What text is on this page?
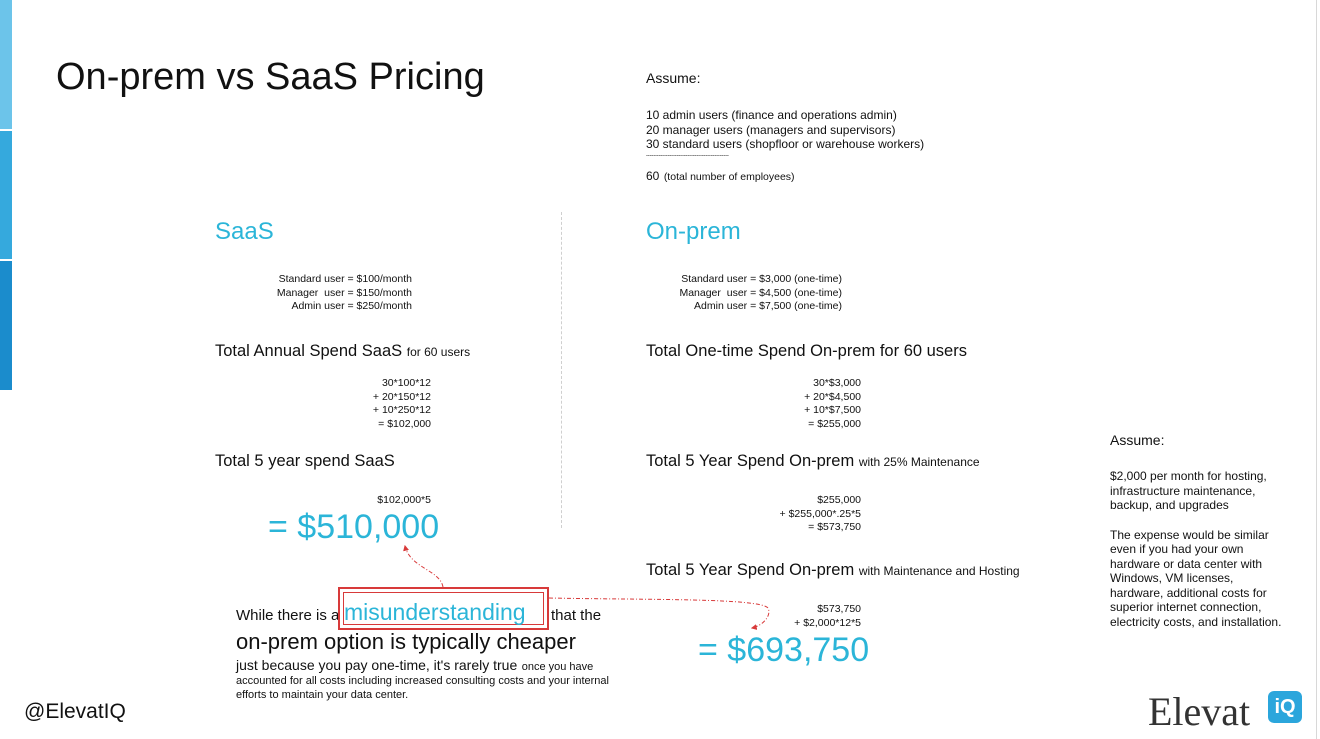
On-prem vs SaaS Pricing	Assume:
10 admin users (finance and operations admin)
20 manager users (managers and supervisors)
30 standard users (shopfloor or warehouse workers)
----------------------------------------------
60 (total number of employees)
SaaS
Standard user = $100/month
Manager  user = $150/month
Admin user = $250/month
Total Annual Spend SaaS for 60 users
30*100*12
+ 20*150*12
+ 10*250*12
= $102,000
Total 5 year spend SaaS
$102,000*5
= $510,000
On-prem
Standard user = $3,000 (one-time)
Manager  user = $4,500 (one-time)
Admin user = $7,500 (one-time)
Total One-time Spend On-prem for 60 users
30*$3,000
+ 20*$4,500
+ 10*$7,500
= $255,000
Total 5 Year Spend On-prem with 25% Maintenance
$255,000
+ $255,000*.25*5
= $573,750
Total 5 Year Spend On-prem with Maintenance and Hosting
$573,750
+ $2,000*12*5
= $693,750
Assume:
$2,000 per month for hosting, infrastructure maintenance, backup, and upgrades
The expense would be similar even if you had your own hardware or data center with Windows, VM licenses, hardware, additional costs for superior internet connection, electricity costs, and installation.
While there is a	that the
on-prem option is typically cheaper
just because you pay one-time, it's rarely true once you have
accounted for all costs including increased consulting costs and your internal efforts to maintain your data center.
misunderstanding
@ElevatIQ	Elevat	iQ
